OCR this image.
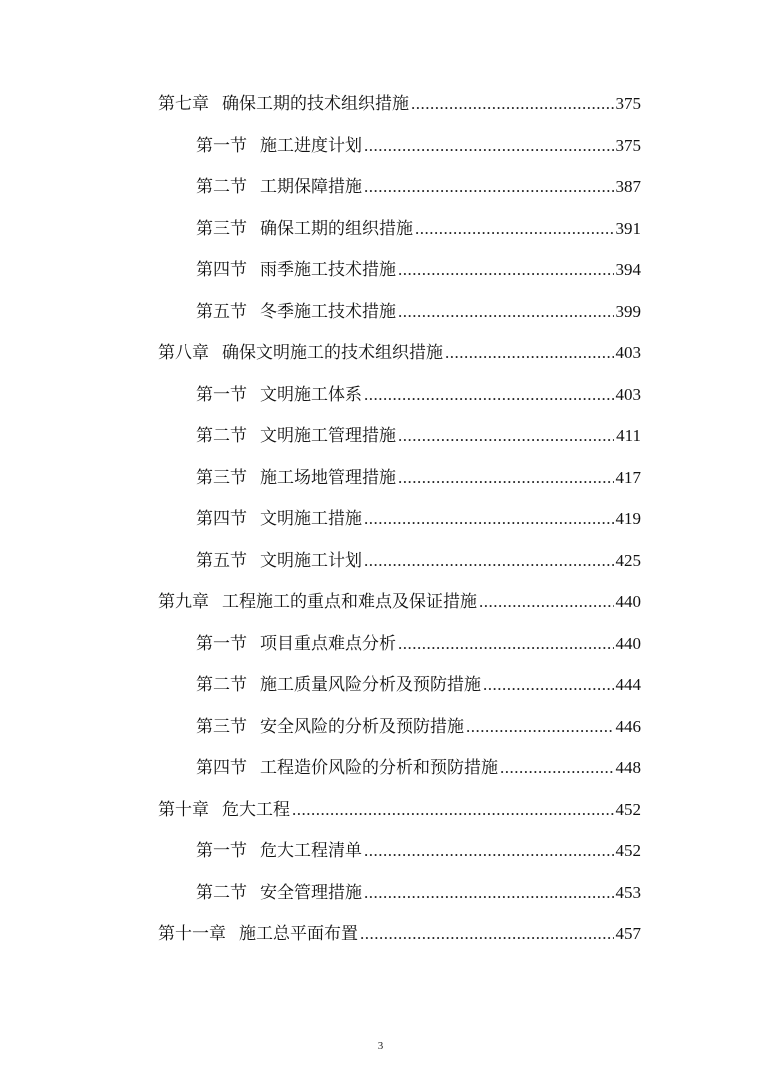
第七章 确保工期的技术组织措施 .....	375
第一节 施工进度计划 .....	375
第二节 工期保障措施 .....	387
第三节 确保工期的组织措施 .....	391
第四节 雨季施工技术措施 .....	394
第五节 冬季施工技术措施 .....	399
第八章 确保文明施工的技术组织措施 .....	403
第一节 文明施工体系 .....	403
第二节 文明施工管理措施 .....	411
第三节 施工场地管理措施 .....	417
第四节 文明施工措施 .....	419
第五节 文明施工计划 .....	425
第九章 工程施工的重点和难点及保证措施 .....	440
第一节 项目重点难点分析 .....	440
第二节 施工质量风险分析及预防措施 .....	444
第三节 安全风险的分析及预防措施 .....	446
第四节 工程造价风险的分析和预防措施 .....	448
第十章 危大工程 .....	452
第一节 危大工程清单 .....	452
第二节 安全管理措施 .....	453
第十一章 施工总平面布置 .....	457
3
